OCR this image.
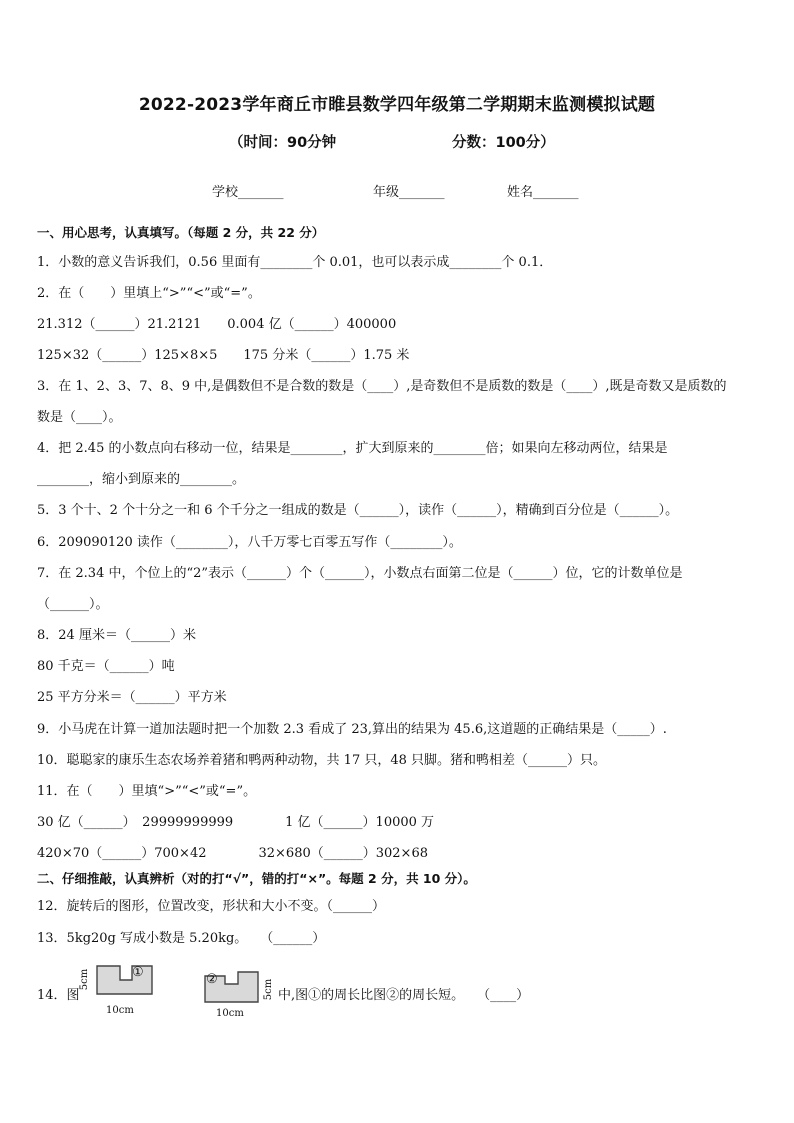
2022-2023学年商丘市睢县数学四年级第二学期期末监测模拟试题
（时间：90分钟	分数：100分）
学校_______	年级_______	姓名_______
一、用心思考，认真填写。（每题 2 分，共 22 分）
1．小数的意义告诉我们，0.56 里面有________个 0.01，也可以表示成________个 0.1．
2．在（　　）里填上“>”“<”或“=”。
21.312（______）21.2121　　0.004 亿（______）400000
125×32（______）125×8×5　　175 分米（______）1.75 米
3．在 1、2、3、7、8、9 中,是偶数但不是合数的数是（____）,是奇数但不是质数的数是（____）,既是奇数又是质数的
数是（____）。
4．把 2.45 的小数点向右移动一位，结果是________，扩大到原来的________倍；如果向左移动两位，结果是
________，缩小到原来的________。
5．3 个十、2 个十分之一和 6 个千分之一组成的数是（______），读作（______），精确到百分位是（______）。
6．209090120 读作（________），八千万零七百零五写作（________）。
7．在 2.34 中，个位上的“2”表示（______）个（______），小数点右面第二位是（______）位，它的计数单位是
（______）。
8．24 厘米＝（______）米
80 千克＝（______）吨
25 平方分米＝（______）平方米
9．小马虎在计算一道加法题时把一个加数 2.3 看成了 23,算出的结果为 45.6,这道题的正确结果是（_____）.
10．聪聪家的康乐生态农场养着猪和鸭两种动物，共 17 只，48 只脚。猪和鸭相差（______）只。
11．在（　　）里填“>”“<”或“=”。
30 亿（______）　29999999999　　　　1 亿（______）10000 万
420×70（______）700×42　　　　32×680（______）302×68
二、仔细推敲，认真辨析（对的打“√”，错的打“×”。每题 2 分，共 10 分）。
12．旋转后的图形，位置改变，形状和大小不变。（______）
13．5kg20g 写成小数是 5.20kg。　　（______）
14．图
①
5cm
10cm
②	5cm
10cm
中,图①的周长比图②的周长短。　　（____）
